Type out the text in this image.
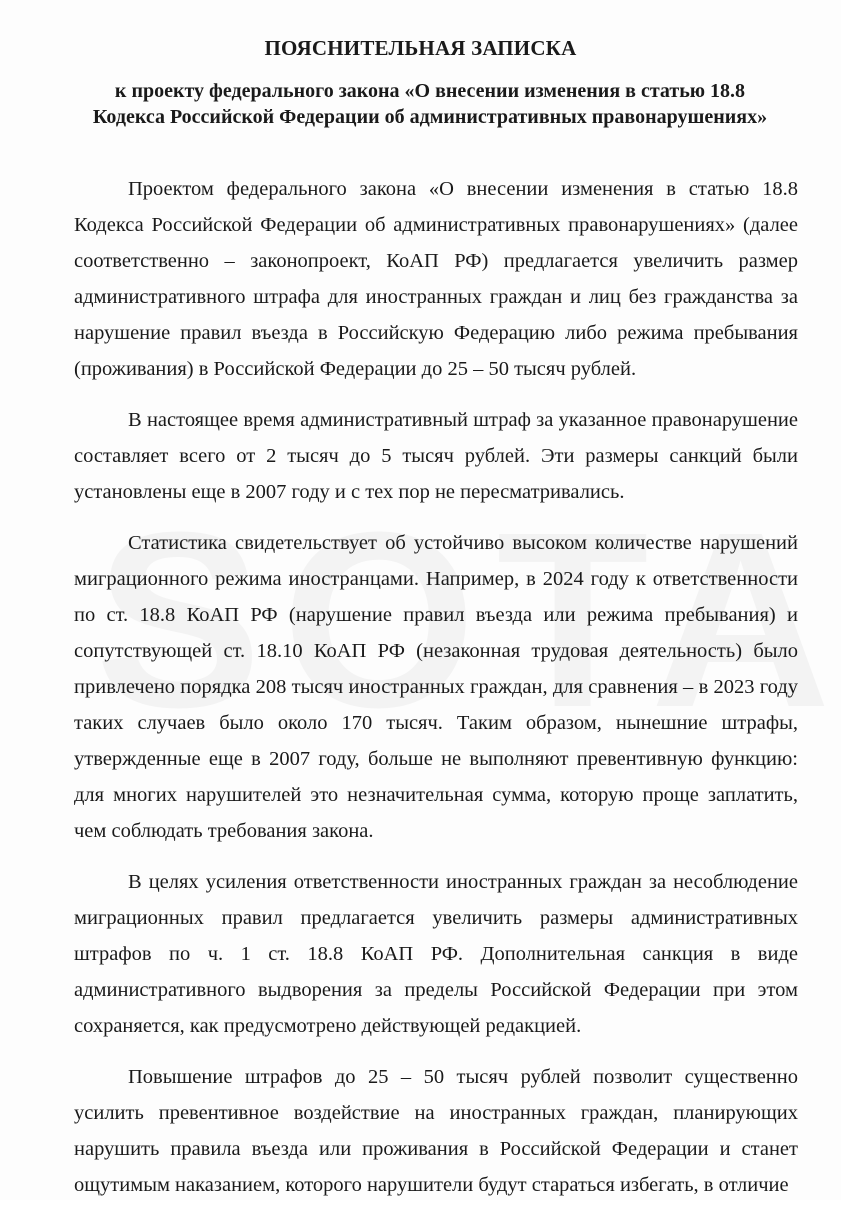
ПОЯСНИТЕЛЬНАЯ ЗАПИСКА
к проекту федерального закона «О внесении изменения в статью 18.8
Кодекса Российской Федерации об административных правонарушениях»

Проектом федерального закона «О внесении изменения в статью 18.8 Кодекса Российской Федерации об административных правонарушениях» (далее соответственно – законопроект, КоАП РФ) предлагается увеличить размер административного штрафа для иностранных граждан и лиц без гражданства за нарушение правил въезда в Российскую Федерацию либо режима пребывания (проживания) в Российской Федерации до 25 – 50 тысяч рублей.

В настоящее время административный штраф за указанное правонарушение составляет всего от 2 тысяч до 5 тысяч рублей. Эти размеры санкций были установлены еще в 2007 году и с тех пор не пересматривались.

Статистика свидетельствует об устойчиво высоком количестве нарушений миграционного режима иностранцами. Например, в 2024 году к ответственности по ст. 18.8 КоАП РФ (нарушение правил въезда или режима пребывания) и сопутствующей ст. 18.10 КоАП РФ (незаконная трудовая деятельность) было привлечено порядка 208 тысяч иностранных граждан, для сравнения – в 2023 году таких случаев было около 170 тысяч. Таким образом, нынешние штрафы, утвержденные еще в 2007 году, больше не выполняют превентивную функцию: для многих нарушителей это незначительная сумма, которую проще заплатить, чем соблюдать требования закона.

В целях усиления ответственности иностранных граждан за несоблюдение миграционных правил предлагается увеличить размеры административных штрафов по ч. 1 ст. 18.8 КоАП РФ. Дополнительная санкция в виде административного выдворения за пределы Российской Федерации при этом сохраняется, как предусмотрено действующей редакцией.

Повышение штрафов до 25 – 50 тысяч рублей позволит существенно усилить превентивное воздействие на иностранных граждан, планирующих нарушить правила въезда или проживания в Российской Федерации и станет ощутимым наказанием, которого нарушители будут стараться избегать, в отличие
